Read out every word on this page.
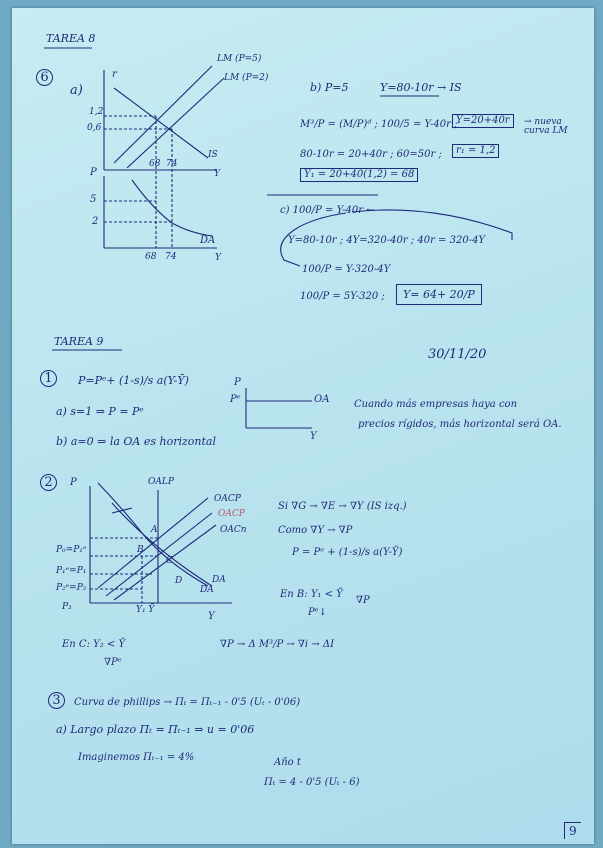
TAREA 8
6
a)
r
LM (P=5)
LM (P=2)
IS
1,2
0,6
68 74
Y
P
5
2
DA
68 74	Y
b) P=5	Y=80-10r → IS
M³/P = (M/P)ᵈ ; 100/5 = Y-40r ;
Y=20+40r	→ nueva curva LM
80-10r = 20+40r ; 60=50r ;	r₁ = 1,2
Y₁ = 20+40(1,2) = 68
c) 100/P = Y-40r ←
Y=80-10r ; 4Y=320-40r ; 40r = 320-4Y
100/P = Y-320-4Y
100/P = 5Y-320 ;	Y= 64+ 20/P
TAREA 9
30/11/20
1	P=Pᵉ+ (1-s)/s a(Y-Ȳ)
a) s=1 ⇒ P = Pᵉ
b) a=0 ⇒ la OA es horizontal
P
Pᵉ	OA
Y
Cuando más empresas haya con
precios rígidos, más horizontal será OA.
2	P	OALP
OACP
OACP
OACn
DA
DA
Y
Y₁ Ȳ
P₀=P₁ᵉ
P₁ᵉ=P₁
P₂ᵉ=P₂
P₃
A
B
C
D
Si ∇G → ∇E → ∇Y (IS izq.)
Como ∇Y → ∇P
P = Pᵉ + (1-s)/s a(Y-Ȳ)
En B: Y₁ < Ȳ
Pᵉ↓
∇P
En C: Y₂ < Ȳ
∇Pᵉ
∇P → Δ M³/P → ∇i → ΔI
3	Curva de phillips → Πₜ = Πₜ₋₁ - 0'5 (Uₜ - 0'06)
a) Largo plazo Πₜ = Πₜ₋₁ ⇒ u = 0'06
Imaginemos Πₜ₋₁ = 4%	Año t
Πₜ = 4 - 0'5 (Uₜ - 6)
9
